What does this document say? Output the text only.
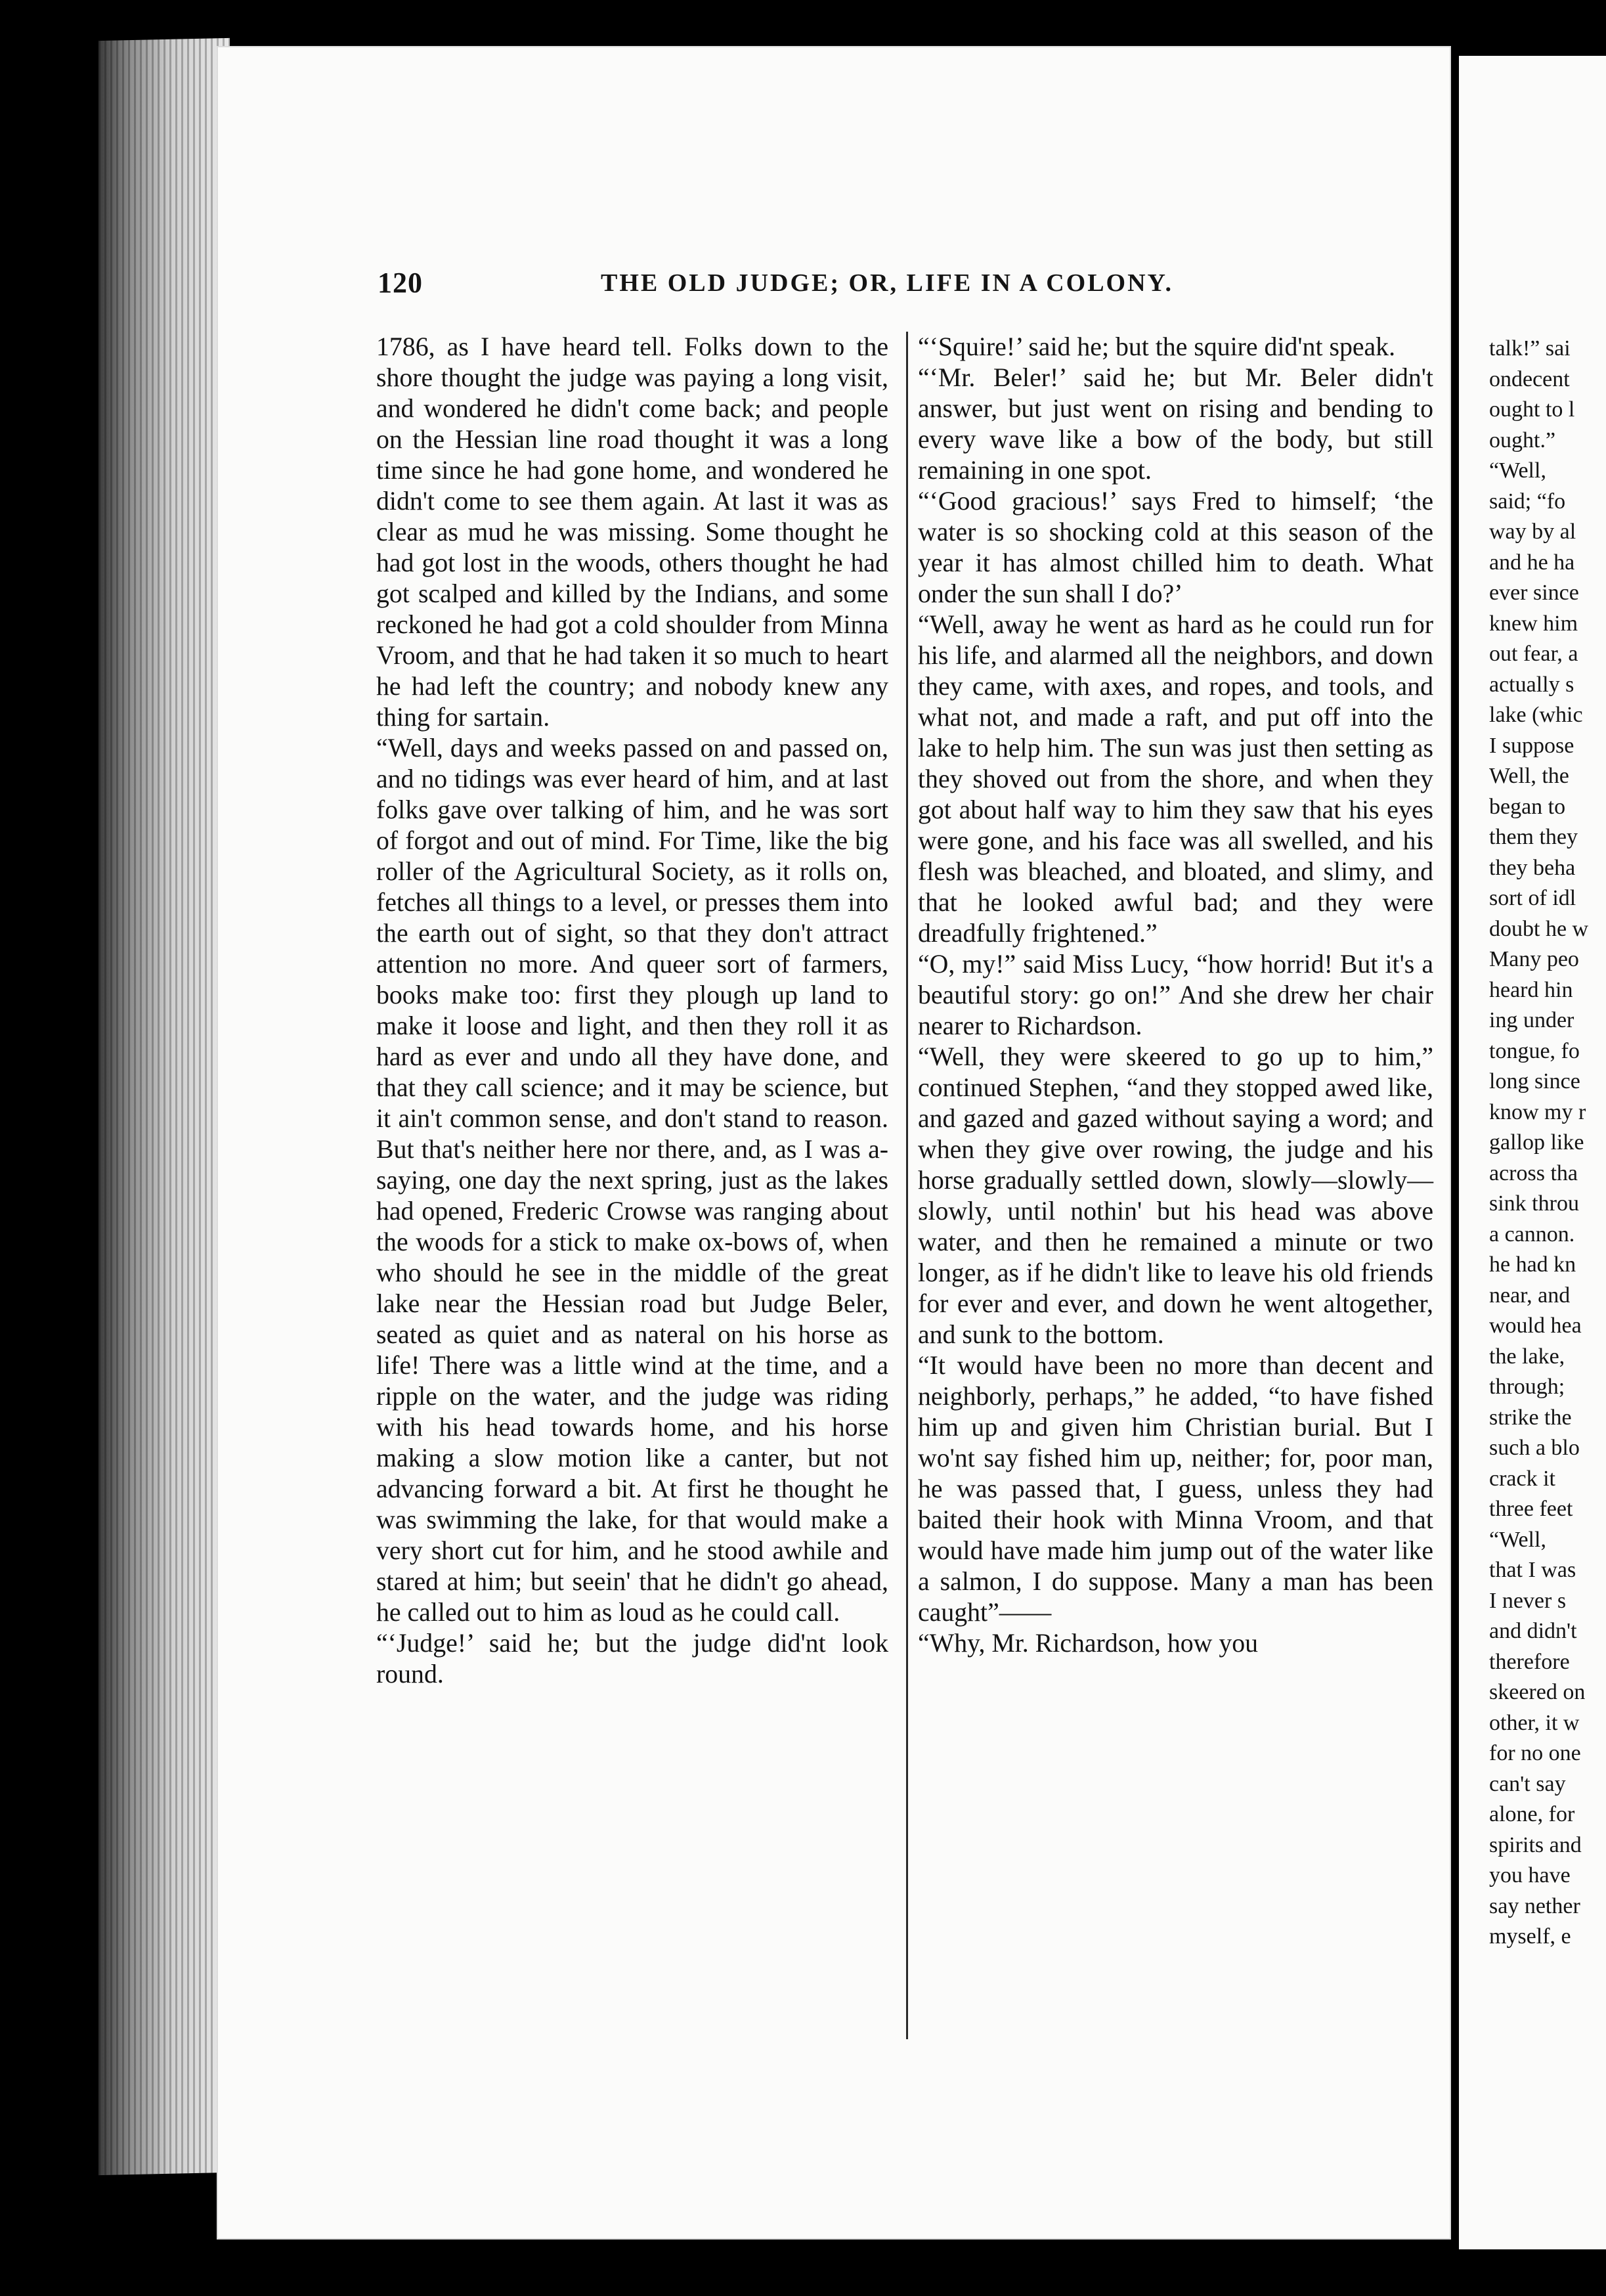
120	THE OLD JUDGE; OR, LIFE IN A COLONY.

1786, as I have heard tell. Folks down to the shore thought the judge was paying a long visit, and wondered he didn't come back; and people on the Hessian line road thought it was a long time since he had gone home, and wondered he didn't come to see them again. At last it was as clear as mud he was missing. Some thought he had got lost in the woods, others thought he had got scalped and killed by the Indians, and some reckoned he had got a cold shoulder from Minna Vroom, and that he had taken it so much to heart he had left the country; and nobody knew any thing for sartain.

“Well, days and weeks passed on and passed on, and no tidings was ever heard of him, and at last folks gave over talking of him, and he was sort of forgot and out of mind. For Time, like the big roller of the Agricultural Society, as it rolls on, fetches all things to a level, or presses them into the earth out of sight, so that they don't attract attention no more. And queer sort of farmers, books make too: first they plough up land to make it loose and light, and then they roll it as hard as ever and undo all they have done, and that they call science; and it may be science, but it ain't common sense, and don't stand to reason. But that's neither here nor there, and, as I was a-saying, one day the next spring, just as the lakes had opened, Frederic Crowse was ranging about the woods for a stick to make ox-bows of, when who should he see in the middle of the great lake near the Hessian road but Judge Beler, seated as quiet and as nateral on his horse as life! There was a little wind at the time, and a ripple on the water, and the judge was riding with his head towards home, and his horse making a slow motion like a canter, but not advancing forward a bit. At first he thought he was swimming the lake, for that would make a very short cut for him, and he stood awhile and stared at him; but seein' that he didn't go ahead, he called out to him as loud as he could call.

“‘Judge!’ said he; but the judge did'nt look round.

“‘Squire!’ said he; but the squire did'nt speak.

“‘Mr. Beler!’ said he; but Mr. Beler didn't answer, but just went on rising and bending to every wave like a bow of the body, but still remaining in one spot.

“‘Good gracious!’ says Fred to himself; ‘the water is so shocking cold at this season of the year it has almost chilled him to death. What onder the sun shall I do?’

“Well, away he went as hard as he could run for his life, and alarmed all the neighbors, and down they came, with axes, and ropes, and tools, and what not, and made a raft, and put off into the lake to help him. The sun was just then setting as they shoved out from the shore, and when they got about half way to him they saw that his eyes were gone, and his face was all swelled, and his flesh was bleached, and bloated, and slimy, and that he looked awful bad; and they were dreadfully frightened.”

“O, my!” said Miss Lucy, “how horrid! But it's a beautiful story: go on!” And she drew her chair nearer to Richardson.

“Well, they were skeered to go up to him,” continued Stephen, “and they stopped awed like, and gazed and gazed without saying a word; and when they give over rowing, the judge and his horse gradually settled down, slowly—slowly—slowly, until nothin' but his head was above water, and then he remained a minute or two longer, as if he didn't like to leave his old friends for ever and ever, and down he went altogether, and sunk to the bottom.

“It would have been no more than decent and neighborly, perhaps,” he added, “to have fished him up and given him Christian burial. But I wo'nt say fished him up, neither; for, poor man, he was passed that, I guess, unless they had baited their hook with Minna Vroom, and that would have made him jump out of the water like a salmon, I do suppose. Many a man has been caught”——

“Why, Mr. Richardson, how you

talk!” sai
ondecent
ought to l
ought.”
“Well,
said; “fo
way by al
and he ha
ever since
knew him
out fear, a
actually s
lake (whic
I suppose
Well, the
began to
them they
they beha
sort of idl
doubt he w
Many peo
heard hin
ing under
tongue, fo
long since
know my r
gallop like
across tha
sink throu
a cannon.
he had kn
near, and
would hea
the lake,
through;
strike the
such a blo
crack it
three feet
“Well,
that I was
I never s
and didn't
therefore
skeered on
other, it w
for no one
can't say
alone, for
spirits and
you have
say nether
myself, e
